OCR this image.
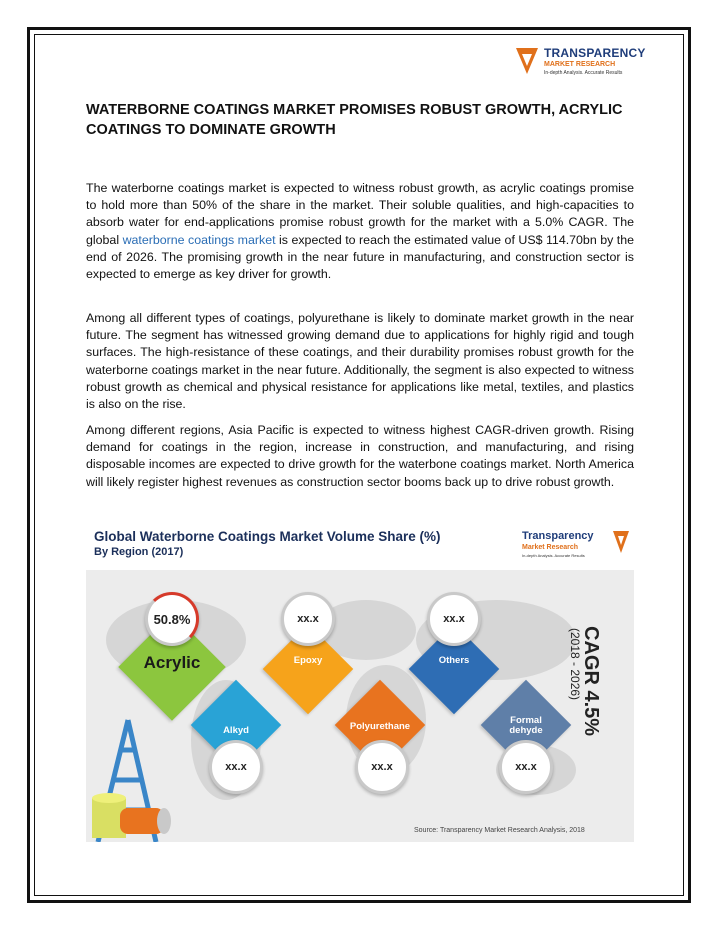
TRANSPARENCY
MARKET RESEARCH
In-depth Analysis. Accurate Results
WATERBORNE COATINGS MARKET PROMISES ROBUST GROWTH, ACRYLIC COATINGS TO DOMINATE GROWTH
The waterborne coatings market is expected to witness robust growth, as acrylic coatings promise to hold more than 50% of the share in the market. Their soluble qualities, and high-capacities to absorb water for end-applications promise robust growth for the market with a 5.0% CAGR. The global waterborne coatings market is expected to reach the estimated value of US$ 114.70bn by the end of 2026. The promising growth in the near future in manufacturing, and construction sector is expected to emerge as key driver for growth.
Among all different types of coatings, polyurethane is likely to dominate market growth in the near future. The segment has witnessed growing demand due to applications for highly rigid and tough surfaces. The high-resistance of these coatings, and their durability promises robust growth for the waterborne coatings market in the near future. Additionally, the segment is also expected to witness robust growth as chemical and physical resistance for applications like metal, textiles, and plastics is also on the rise.
Among different regions, Asia Pacific is expected to witness highest CAGR-driven growth. Rising demand for coatings in the region, increase in construction, and manufacturing, and rising disposable incomes are expected to drive growth for the waterbone coatings market. North America will likely register highest revenues as construction sector booms back up to drive robust growth.
Global Waterborne Coatings Market Volume Share (%)
By Region (2017)
Transparency
Market Research
In-depth Analysis. Accurate Results
Acrylic	Epoxy	Others
Alkyd	Polyurethane
Formal dehyde
50.8%	xx.x	xx.x
xx.x	xx.x	xx.x
CAGR 4.5%
(2018 - 2026)
Source: Transparency Market Research Analysis, 2018
